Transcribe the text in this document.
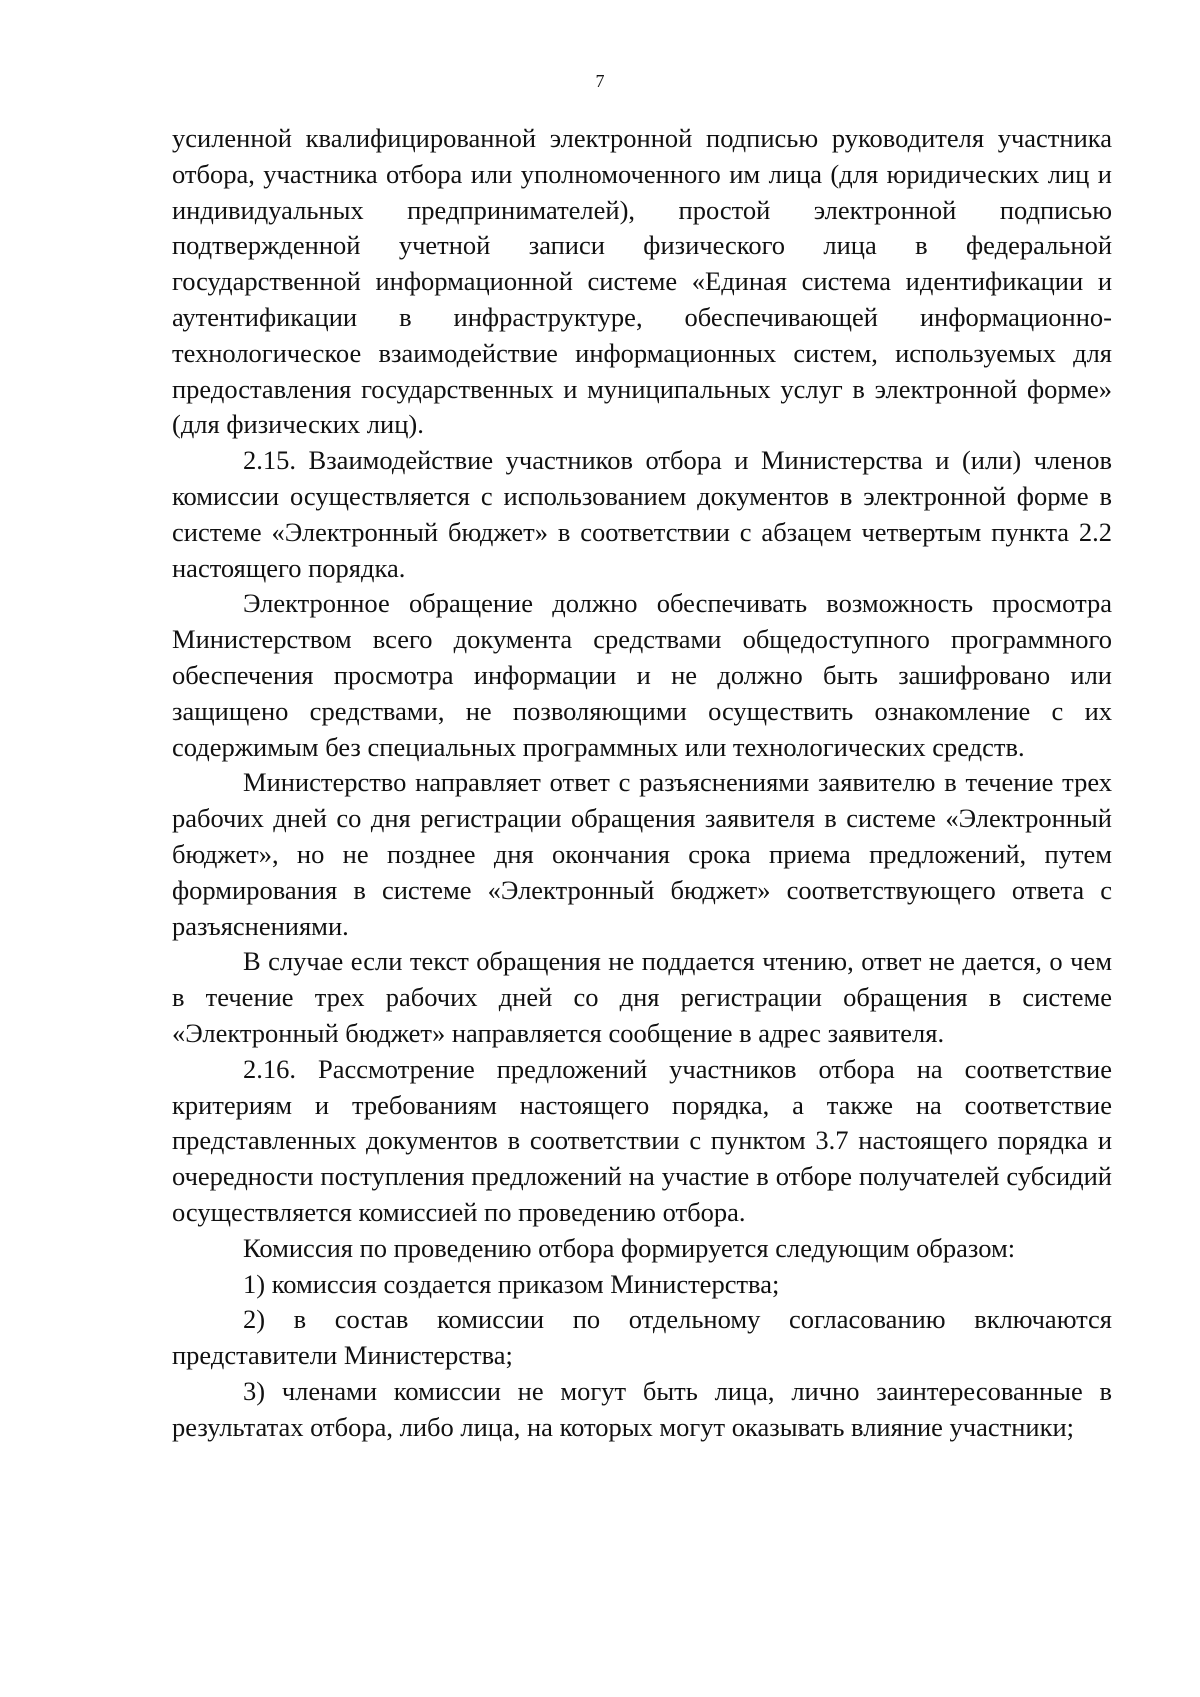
7

усиленной квалифицированной электронной подписью руководителя участника отбора, участника отбора или уполномоченного им лица (для юридических лиц и индивидуальных предпринимателей), простой электронной подписью подтвержденной учетной записи физического лица в федеральной государственной информационной системе «Единая система идентификации и аутентификации в инфраструктуре, обеспечивающей информационно-технологическое взаимодействие информационных систем, используемых для предоставления государственных и муниципальных услуг в электронной форме» (для физических лиц).

2.15. Взаимодействие участников отбора и Министерства и (или) членов комиссии осуществляется с использованием документов в электронной форме в системе «Электронный бюджет» в соответствии с абзацем четвертым пункта 2.2 настоящего порядка.

Электронное обращение должно обеспечивать возможность просмотра Министерством всего документа средствами общедоступного программного обеспечения просмотра информации и не должно быть зашифровано или защищено средствами, не позволяющими осуществить ознакомление с их содержимым без специальных программных или технологических средств.

Министерство направляет ответ с разъяснениями заявителю в течение трех рабочих дней со дня регистрации обращения заявителя в системе «Электронный бюджет», но не позднее дня окончания срока приема предложений, путем формирования в системе «Электронный бюджет» соответствующего ответа с разъяснениями.

В случае если текст обращения не поддается чтению, ответ не дается, о чем в течение трех рабочих дней со дня регистрации обращения в системе «Электронный бюджет» направляется сообщение в адрес заявителя.

2.16. Рассмотрение предложений участников отбора на соответствие критериям и требованиям настоящего порядка, а также на соответствие представленных документов в соответствии с пунктом 3.7 настоящего порядка и очередности поступления предложений на участие в отборе получателей субсидий осуществляется комиссией по проведению отбора.

Комиссия по проведению отбора формируется следующим образом:

1) комиссия создается приказом Министерства;

2) в состав комиссии по отдельному согласованию включаются представители Министерства;

3) членами комиссии не могут быть лица, лично заинтересованные в результатах отбора, либо лица, на которых могут оказывать влияние участники;
